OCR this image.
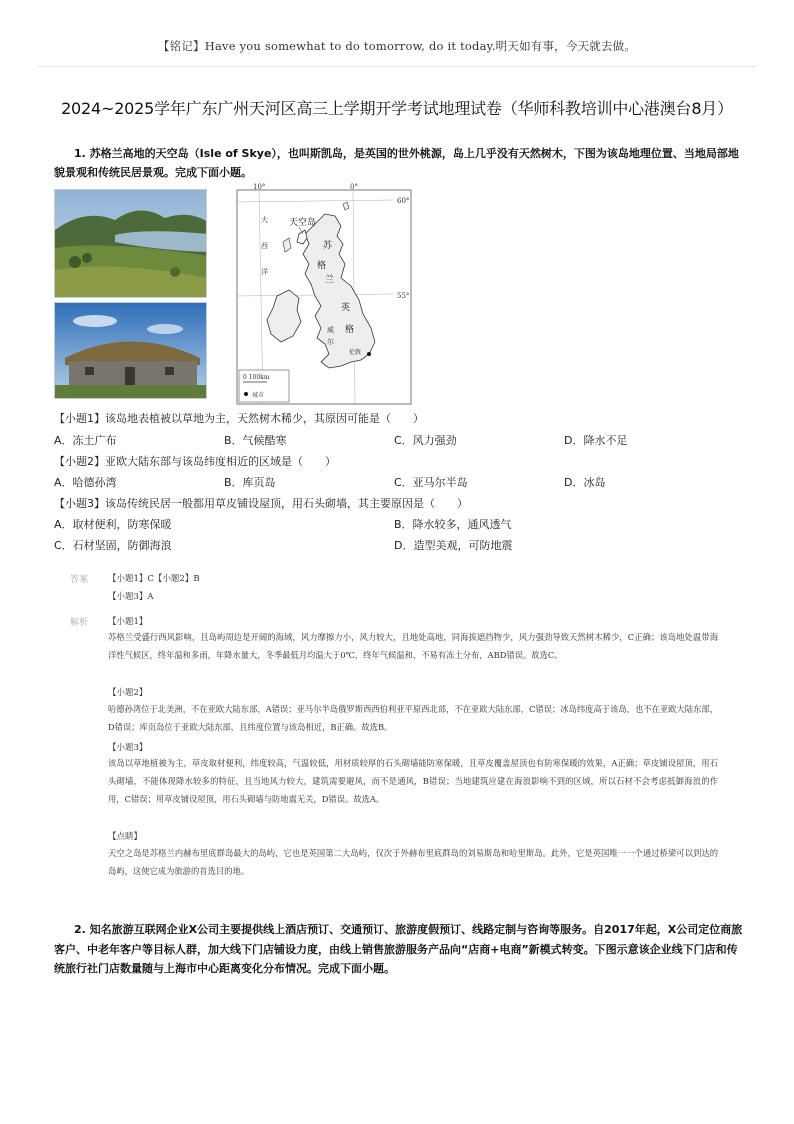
【铭记】Have you somewhat to do tomorrow, do it today.明天如有事，今天就去做。
2024~2025学年广东广州天河区高三上学期开学考试地理试卷（华师科教培训中心港澳台8月）
1. 苏格兰高地的天空岛（Isle of Skye），也叫斯凯岛，是英国的世外桃源，岛上几乎没有天然树木，下图为该岛地理位置、当地局部地貌景观和传统民居景观。完成下面小题。
10°	0°
60°
55°
天空岛
大
西
洋
苏
格
兰
英
格
威
尔
伦敦
0 100km
城市
【小题1】该岛地表植被以草地为主，天然树木稀少，其原因可能是（　　）
A．冻土广布	B．气候酷寒	C．风力强劲	D．降水不足
【小题2】亚欧大陆东部与该岛纬度相近的区域是（　　）
A．哈德孙湾	B．库页岛	C．亚马尔半岛	D．冰岛
【小题3】该岛传统民居一般都用草皮铺设屋顶，用石头砌墙，其主要原因是（　　）
A．取材便利，防寒保暖	B．降水较多，通风透气
C．石材坚固，防御海浪	D．造型美观，可防地震
答案 【小题1】C【小题2】B
【小题3】A
解析 【小题1】
苏格兰受盛行西风影响，且岛屿周边是开阔的海域，风力摩擦力小，风力较大，且地处高地，同海拔遮挡物少，风力强劲导致天然树木稀少，C正确；该岛地处温带海洋性气候区，终年温和多雨，年降水量大，冬季最低月均温大于0℃，终年气候温和，不易有冻土分布，ABD错误。故选C。
【小题2】
哈德孙湾位于北美洲，不在亚欧大陆东部，A错误；亚马尔半岛俄罗斯西西伯利亚平原西北部，不在亚欧大陆东部，C错误；冰岛纬度高于该岛，也不在亚欧大陆东部，D错误；库页岛位于亚欧大陆东部，且纬度位置与该岛相近，B正确。故选B。
【小题3】
该岛以草地植被为主，草皮取材便利，纬度较高，气温较低，用材质较厚的石头砌墙能防寒保暖，且草皮覆盖屋顶也有防寒保暖的效果，A正确；草皮铺设屋顶，用石头砌墙，不能体现降水较多的特征，且当地风力较大，建筑需要避风，而不是通风，B错误；当地建筑应建在海浪影响不到的区域，所以石材不会考虑抵御海浪的作用，C错误；用草皮铺设屋顶，用石头砌墙与防地震无关，D错误。故选A。
【点睛】
天空之岛是苏格兰内赫布里底群岛最大的岛屿，它也是英国第二大岛屿，仅次于外赫布里底群岛的刘易斯岛和哈里斯岛。此外，它是英国唯一一个通过桥梁可以到达的岛屿，这使它成为旅游的首选目的地。
2. 知名旅游互联网企业X公司主要提供线上酒店预订、交通预订、旅游度假预订、线路定制与咨询等服务。自2017年起，X公司定位商旅客户、中老年客户等目标人群，加大线下门店铺设力度，由线上销售旅游服务产品向“店商+电商”新模式转变。下图示意该企业线下门店和传统旅行社门店数量随与上海市中心距离变化分布情况。完成下面小题。
